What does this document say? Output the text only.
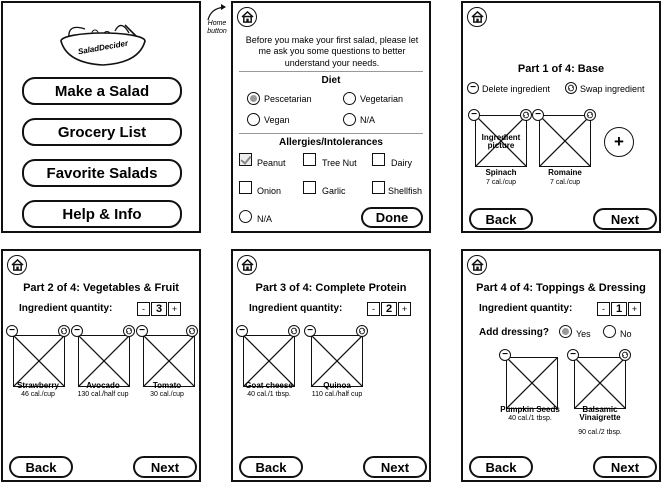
Home button
SaladDecider
Make a Salad
Grocery List
Favorite Salads
Help & Info
Before you make your first salad, please let me ask you some questions to better understand your needs.
Diet
Pescetarian	Vegetarian
Vegan	N/A
Allergies/Intolerances
Peanut	Tree Nut	Dairy
Onion	Garlic	Shellfish
N/A	Done
Part 1 of 4: Base
− Delete ingredient	Swap ingredient
Ingredient picture
−
Spinach
7 cal./cup
−
Romaine
7 cal./cup
+
Back	Next
Part 2 of 4: Vegetables & Fruit
Ingredient quantity:	- 3	+
−
Strawberry
46 cal./cup
−
Avocado
130 cal./half cup
−
Tomato
30 cal./cup
Back	Next
Part 3 of 4: Complete Protein
Ingredient quantity:	- 2	+
−
Goat cheese
40 cal./1 tbsp.
−
Quinoa
110 cal./half cup
Back	Next
Part 4 of 4: Toppings & Dressing
Ingredient quantity:	- 1	+
Add dressing?	Yes	No
−
Pumpkin Seeds
40 cal./1 tbsp.
−
Balsamic Vinaigrette
90 cal./2 tbsp.
Back	Next
